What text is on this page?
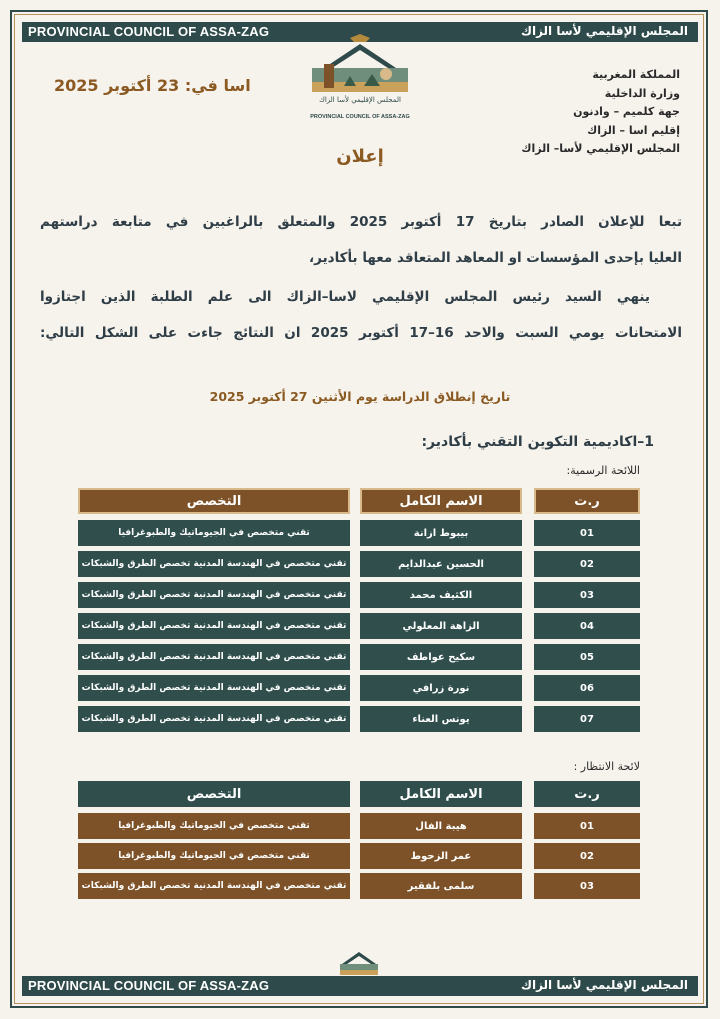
PROVINCIAL COUNCIL OF ASSA-ZAG	المجلس الإقليمي لأسا الزاك
المجلس الإقليمي لأسا الزاك
PROVINCIAL COUNCIL OF ASSA-ZAG
المملكة المغربية
وزارة الداخلية
جهة كلميم – وادنون
إقليم اسا – الزاك
المجلس الإقليمي لأسا– الزاك
اسا في: 23 أكتوبر 2025
إعلان
تبعا للإعلان الصادر بتاريخ 17 أكتوبر 2025 والمتعلق بالراغبين في متابعة دراستهم
العليا بإحدى المؤسسات او المعاهد المتعاقد معها بأكادير،
ينهي السيد رئيس المجلس الإقليمي لاسا–الزاك الى علم الطلبة الذين اجتازوا
الامتحانات يومي السبت والاحد 16–17 أكتوبر 2025 ان النتائج جاءت على الشكل التالي:
تاريخ إنطلاق الدراسة يوم الأثنين 27 أكتوبر 2025
1–اكاديمية التكوين التقني بأكادير:
اللائحة الرسمية:
ر.ت
الاسم الكامل
التخصص
01
بيبوط ازانة
تقني متخصص في الجيوماتيك والطبوغرافيا
02
الحسين عبدالدايم
تقني متخصص في الهندسة المدنية تخصص الطرق والشبكات
03
الكثيف محمد
تقني متخصص في الهندسة المدنية تخصص الطرق والشبكات
04
الزاهة المعلولي
تقني متخصص في الهندسة المدنية تخصص الطرق والشبكات
05
سكيح عواطف
تقني متخصص في الهندسة المدنية تخصص الطرق والشبكات
06
نورة زرافي
تقني متخصص في الهندسة المدنية تخصص الطرق والشبكات
07
يونس العناء
تقني متخصص في الهندسة المدنية تخصص الطرق والشبكات
لائحة الانتظار :
ر.ت
الاسم الكامل
التخصص
01
هيبة الفال
تقني متخصص في الجيوماتيك والطبوغرافيا
02
عمر الزحوط
تقني متخصص في الجيوماتيك والطبوغرافيا
03
سلمى بلفقير
تقني متخصص في الهندسة المدنية تخصص الطرق والشبكات
PROVINCIAL COUNCIL OF ASSA-ZAG	المجلس الإقليمي لأسا الزاك
